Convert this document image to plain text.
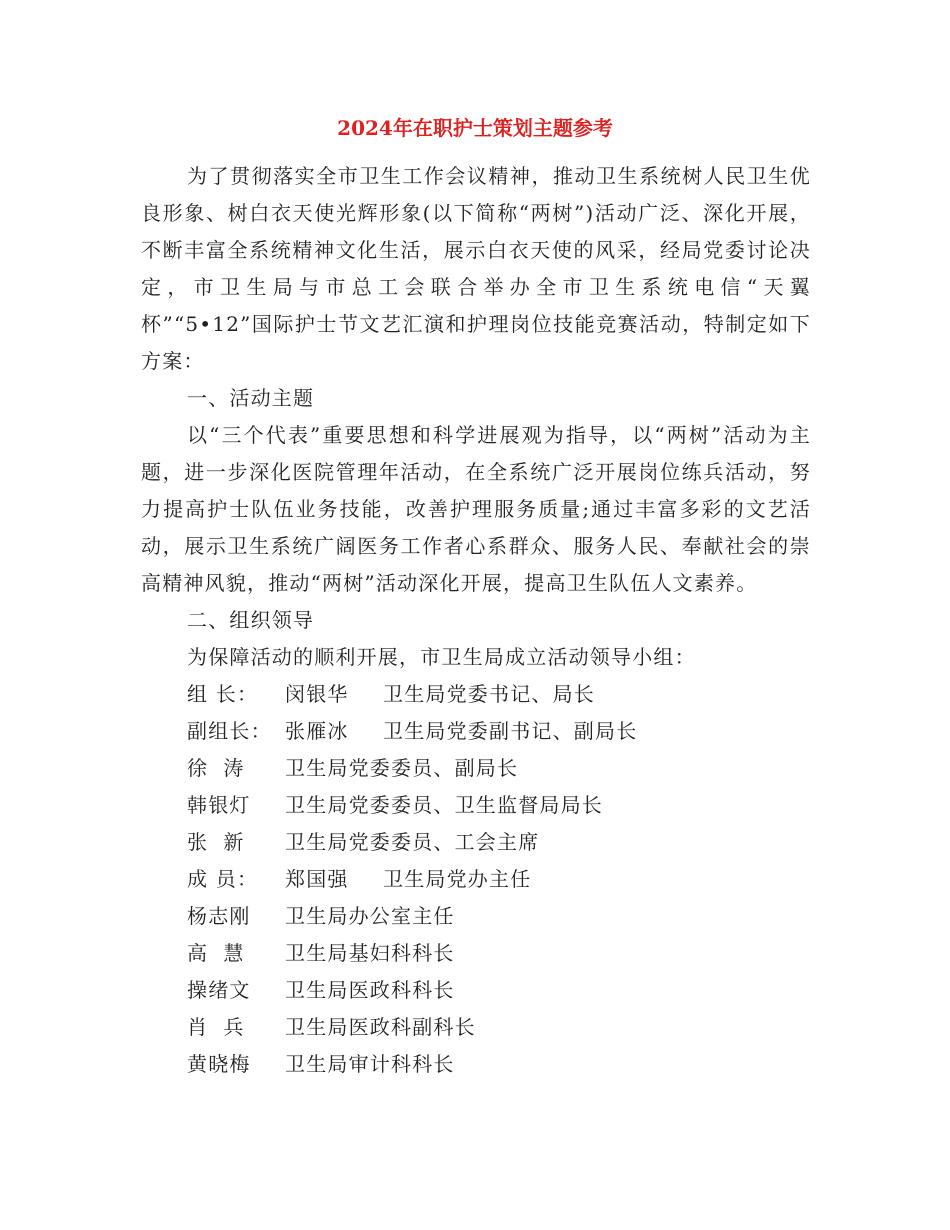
2024年在职护士策划主题参考

为了贯彻落实全市卫生工作会议精神，推动卫生系统树人民卫生优良形象、树白衣天使光辉形象(以下简称“两树”)活动广泛、深化开展，不断丰富全系统精神文化生活，展示白衣天使的风采，经局党委讨论决定，市卫生局与市总工会联合举办全市卫生系统电信“天翼杯”“5•12”国际护士节文艺汇演和护理岗位技能竞赛活动，特制定如下方案：

一、活动主题

以“三个代表”重要思想和科学进展观为指导，以“两树”活动为主题，进一步深化医院管理年活动，在全系统广泛开展岗位练兵活动，努力提高护士队伍业务技能，改善护理服务质量;通过丰富多彩的文艺活动，展示卫生系统广阔医务工作者心系群众、服务人民、奉献社会的崇高精神风貌，推动“两树”活动深化开展，提高卫生队伍人文素养。

二、组织领导

为保障活动的顺利开展，市卫生局成立活动领导小组：

组 长：	闵银华	卫生局党委书记、局长
副组长： 张雁冰	卫生局党委副书记、副局长
徐  涛	卫生局党委委员、副局长
韩银灯	卫生局党委委员、卫生监督局局长
张  新	卫生局党委委员、工会主席
成 员：	郑国强	卫生局党办主任
杨志刚	卫生局办公室主任
高  慧	卫生局基妇科科长
操绪文	卫生局医政科科长
肖  兵	卫生局医政科副科长
黄晓梅	卫生局审计科科长
